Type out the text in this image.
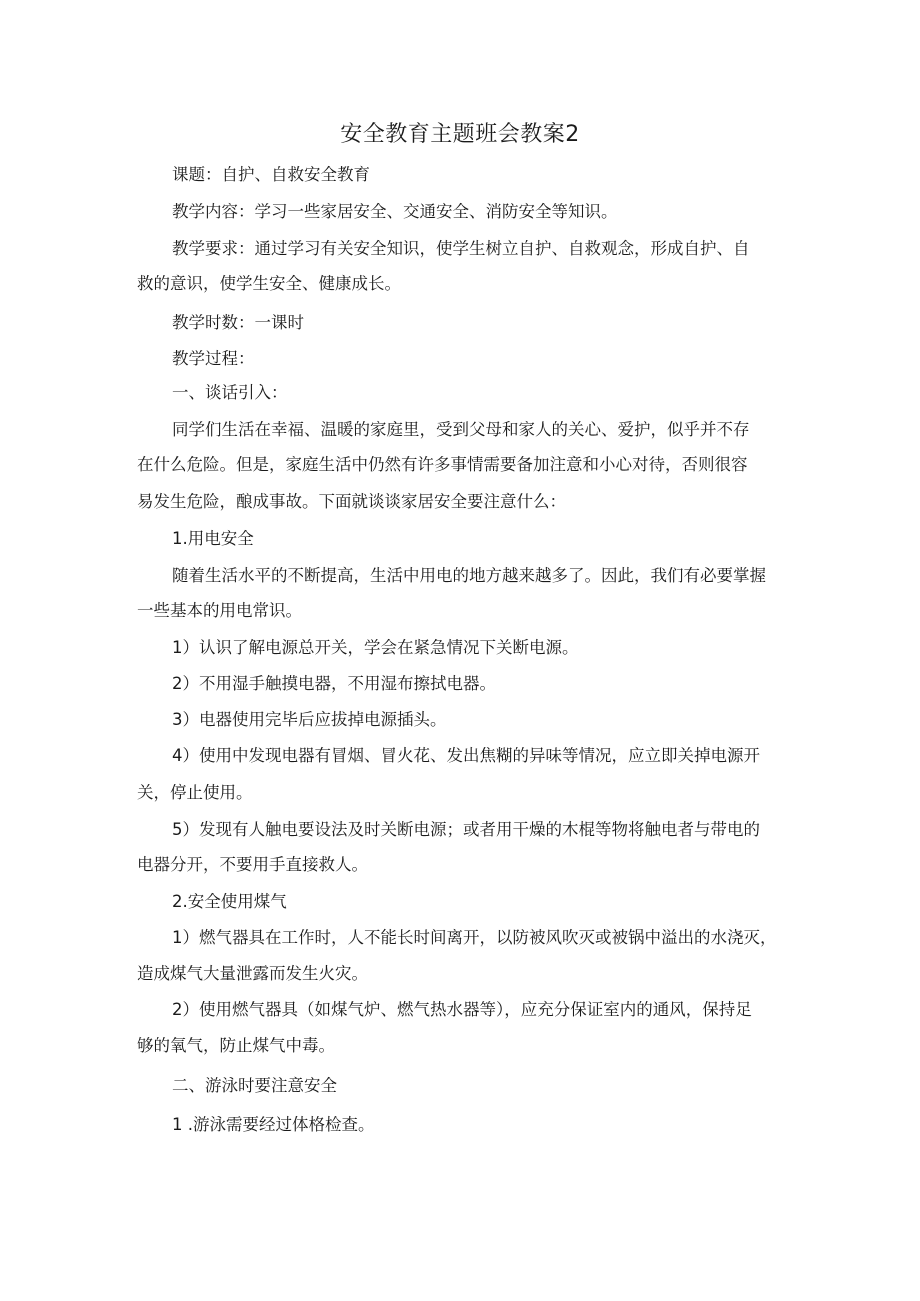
安全教育主题班会教案2

课题：自护、自救安全教育

教学内容：学习一些家居安全、交通安全、消防安全等知识。

教学要求：通过学习有关安全知识，使学生树立自护、自救观念，形成自护、自

救的意识，使学生安全、健康成长。

教学时数：一课时

教学过程：

一、谈话引入：

同学们生活在幸福、温暖的家庭里，受到父母和家人的关心、爱护，似乎并不存

在什么危险。但是，家庭生活中仍然有许多事情需要备加注意和小心对待，否则很容

易发生危险，酿成事故。下面就谈谈家居安全要注意什么：

1.用电安全

随着生活水平的不断提高，生活中用电的地方越来越多了。因此，我们有必要掌握

一些基本的用电常识。

1）认识了解电源总开关，学会在紧急情况下关断电源。

2）不用湿手触摸电器，不用湿布擦拭电器。

3）电器使用完毕后应拔掉电源插头。

4）使用中发现电器有冒烟、冒火花、发出焦糊的异味等情况，应立即关掉电源开

关，停止使用。

5）发现有人触电要设法及时关断电源；或者用干燥的木棍等物将触电者与带电的

电器分开，不要用手直接救人。

2.安全使用煤气

1）燃气器具在工作时，人不能长时间离开，以防被风吹灭或被锅中溢出的水浇灭，

造成煤气大量泄露而发生火灾。

2）使用燃气器具（如煤气炉、燃气热水器等），应充分保证室内的通风，保持足

够的氧气，防止煤气中毒。

二、游泳时要注意安全

1 .游泳需要经过体格检查。
